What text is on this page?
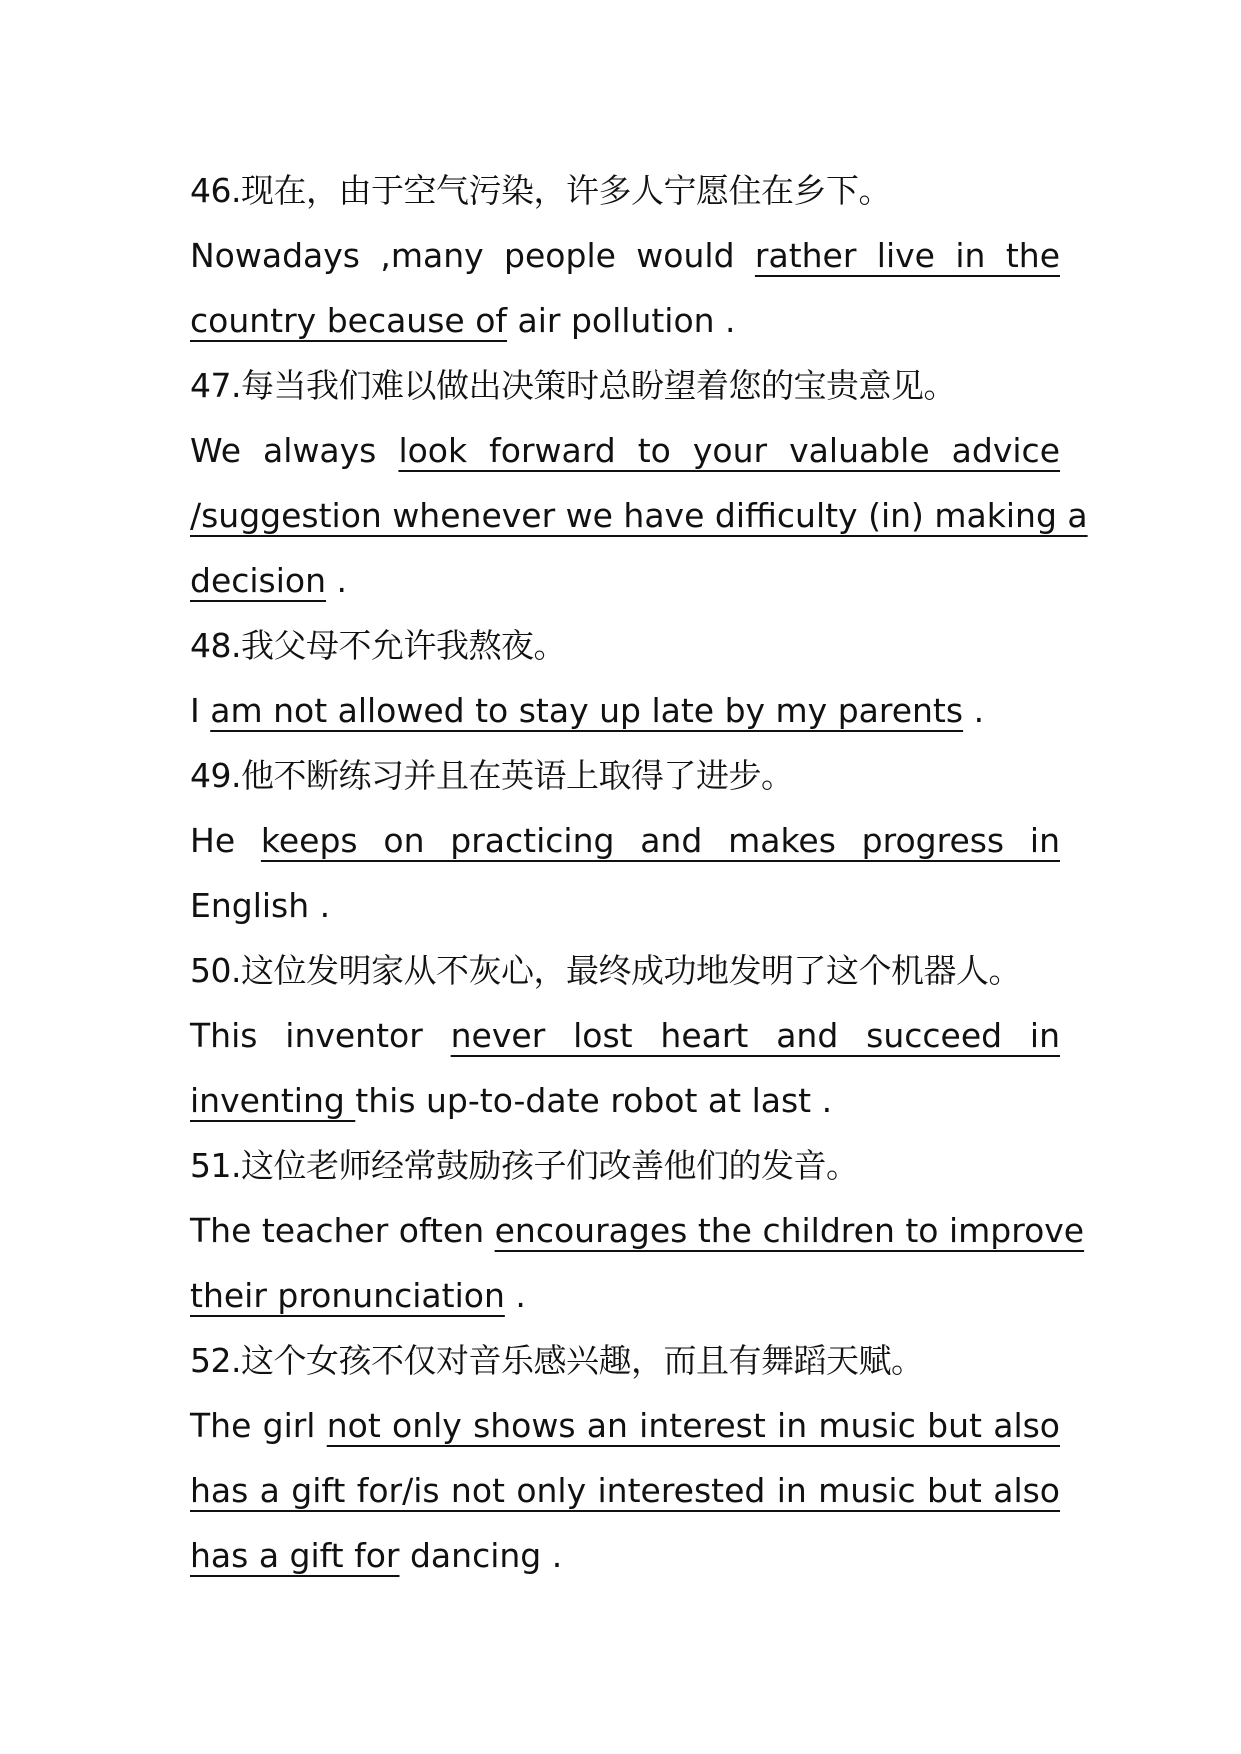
46.现在，由于空气污染，许多人宁愿住在乡下。
Nowadays ,many people would rather live in the
country because of air pollution .
47.每当我们难以做出决策时总盼望着您的宝贵意见。
We always look forward to your valuable advice
/suggestion whenever we have difficulty (in) making a
decision .
48.我父母不允许我熬夜。
I am not allowed to stay up late by my parents .
49.他不断练习并且在英语上取得了进步。
He keeps on practicing and makes progress in
English .
50.这位发明家从不灰心，最终成功地发明了这个机器人。
This inventor never lost heart and succeed in
inventing this up-to-date robot at last .
51.这位老师经常鼓励孩子们改善他们的发音。
The teacher often encourages the children to improve
their pronunciation .
52.这个女孩不仅对音乐感兴趣，而且有舞蹈天赋。
The girl not only shows an interest in music but also
has a gift for/is not only interested in music but also
has a gift for dancing .
